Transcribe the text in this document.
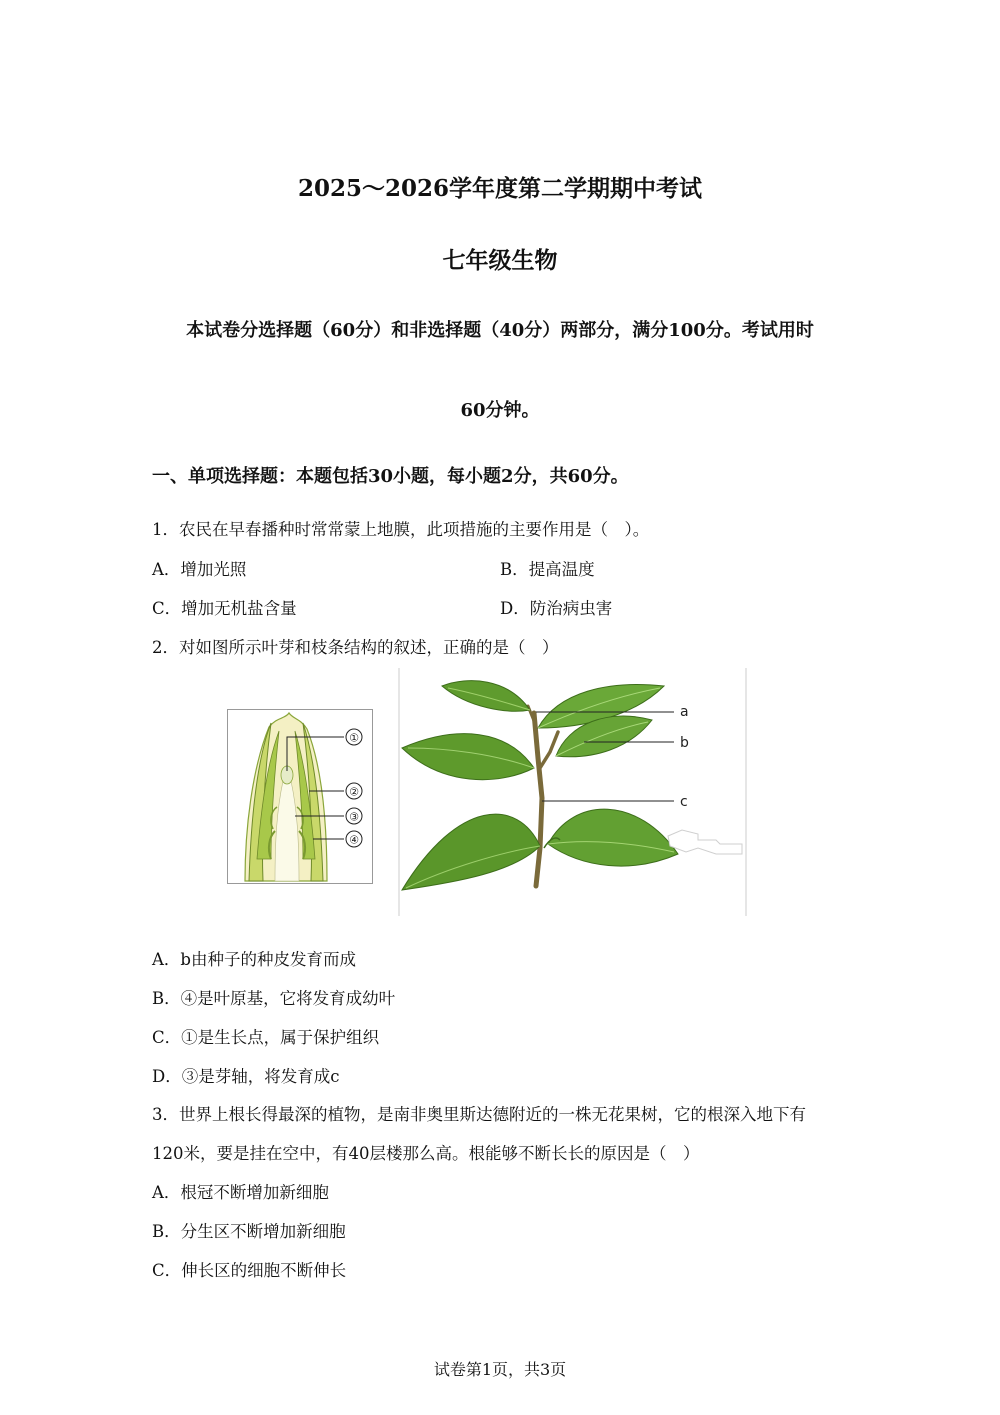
2025～2026学年度第二学期期中考试
七年级生物
本试卷分选择题（60分）和非选择题（40分）两部分，满分100分。考试用时
60分钟。
一、单项选择题：本题包括30小题，每小题2分，共60分。
1．农民在早春播种时常常蒙上地膜，此项措施的主要作用是（　）。
A．增加光照	B．提高温度
C．增加无机盐含量	D．防治病虫害
2．对如图所示叶芽和枝条结构的叙述，正确的是（　）
①
②
③
④
a
b
c
A．b由种子的种皮发育而成
B．④是叶原基，它将发育成幼叶
C．①是生长点，属于保护组织
D．③是芽轴，将发育成c
3．世界上根长得最深的植物，是南非奥里斯达德附近的一株无花果树，它的根深入地下有
120米，要是挂在空中，有40层楼那么高。根能够不断长长的原因是（　）
A．根冠不断增加新细胞
B．分生区不断增加新细胞
C．伸长区的细胞不断伸长
试卷第1页，共3页
